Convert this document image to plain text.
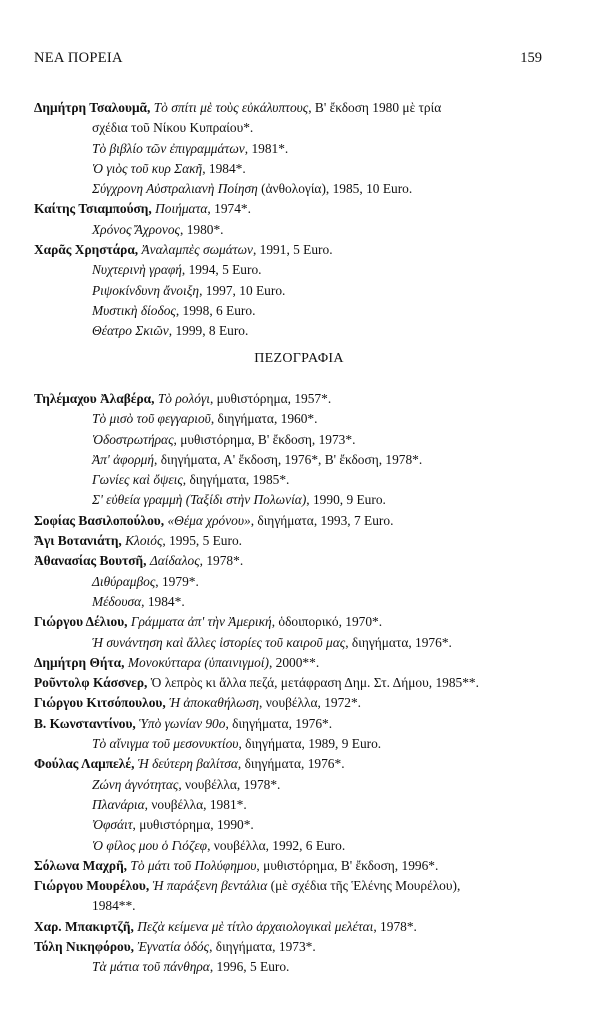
ΝΕΑ ΠΟΡΕΙΑ	159
Δημήτρη Τσαλουμᾶ, Τὸ σπίτι μὲ τοὺς εὐκάλυπτους, Β' ἔκδοση 1980 μὲ τρία
σχέδια τοῦ Νίκου Κυπραίου*.
Τὸ βιβλίο τῶν ἐπιγραμμάτων, 1981*.
Ὁ γιὸς τοῦ κυρ Σακῆ, 1984*.
Σύγχρονη Αὐστραλιανὴ Ποίηση (ἀνθολογία), 1985, 10 Euro.
Καίτης Τσιαμπούση, Ποιήματα, 1974*.
Χρόνος Ἄχρονος, 1980*.
Χαρᾶς Χρηστάρα, Ἀναλαμπὲς σωμάτων, 1991, 5 Euro.
Νυχτερινὴ γραφή, 1994, 5 Euro.
Ριψοκίνδυνη ἄνοιξη, 1997, 10 Euro.
Μυστικὴ δίοδος, 1998, 6 Euro.
Θέατρο Σκιῶν, 1999, 8 Euro.
ΠΕΖΟΓΡΑΦΙΑ
Τηλέμαχου Ἀλαβέρα, Τὸ ρολόγι, μυθιστόρημα, 1957*.
Τὸ μισὸ τοῦ φεγγαριοῦ, διηγήματα, 1960*.
Ὁδοστρωτήρας, μυθιστόρημα, Β' ἔκδοση, 1973*.
Ἀπ' ἀφορμή, διηγήματα, Α' ἔκδοση, 1976*, Β' ἔκδοση, 1978*.
Γωνίες καὶ ὄψεις, διηγήματα, 1985*.
Σ' εὐθεία γραμμὴ (Ταξίδι στὴν Πολωνία), 1990, 9 Euro.
Σοφίας Βασιλοπούλου, «Θέμα χρόνου», διηγήματα, 1993, 7 Euro.
Ἄγι Βοτανιάτη, Κλοιός, 1995, 5 Euro.
Ἀθανασίας Βουτσῆ, Δαίδαλος, 1978*.
Διθύραμβος, 1979*.
Μέδουσα, 1984*.
Γιώργου Δέλιου, Γράμματα ἀπ' τὴν Ἀμερική, ὁδοιπορικό, 1970*.
Ἡ συνάντηση καὶ ἄλλες ἱστορίες τοῦ καιροῦ μας, διηγήματα, 1976*.
Δημήτρη Θήτα, Μονοκύτταρα (ὑπαινιγμοί), 2000**.
Ροῦντολφ Κάσσνερ, Ὁ λεπρὸς κι ἄλλα πεζά, μετάφραση Δημ. Στ. Δήμου, 1985**.
Γιώργου Κιτσόπουλου, Ἡ ἀποκαθήλωση, νουβέλλα, 1972*.
Β. Κωνσταντίνου, Ὑπὸ γωνίαν 90ο, διηγήματα, 1976*.
Τὸ αἴνιγμα τοῦ μεσονυκτίου, διηγήματα, 1989, 9 Euro.
Φούλας Λαμπελέ, Ἡ δεύτερη βαλίτσα, διηγήματα, 1976*.
Ζώνη ἁγνότητας, νουβέλλα, 1978*.
Πλανάρια, νουβέλλα, 1981*.
Ὀφσάιτ, μυθιστόρημα, 1990*.
Ὁ φίλος μου ὁ Γιόζεφ, νουβέλλα, 1992, 6 Euro.
Σόλωνα Μαχρῆ, Τὸ μάτι τοῦ Πολύφημου, μυθιστόρημα, Β' ἔκδοση, 1996*.
Γιώργου Μουρέλου, Ἡ παράξενη βεντάλια (μὲ σχέδια τῆς Ἑλένης Μουρέλου),
1984**.
Χαρ. Μπακιρτζῆ, Πεζὰ κείμενα μὲ τίτλο ἀρχαιολογικαὶ μελέται, 1978*.
Τόλη Νικηφόρου, Ἐγνατία ὁδός, διηγήματα, 1973*.
Τὰ μάτια τοῦ πάνθηρα, 1996, 5 Euro.
